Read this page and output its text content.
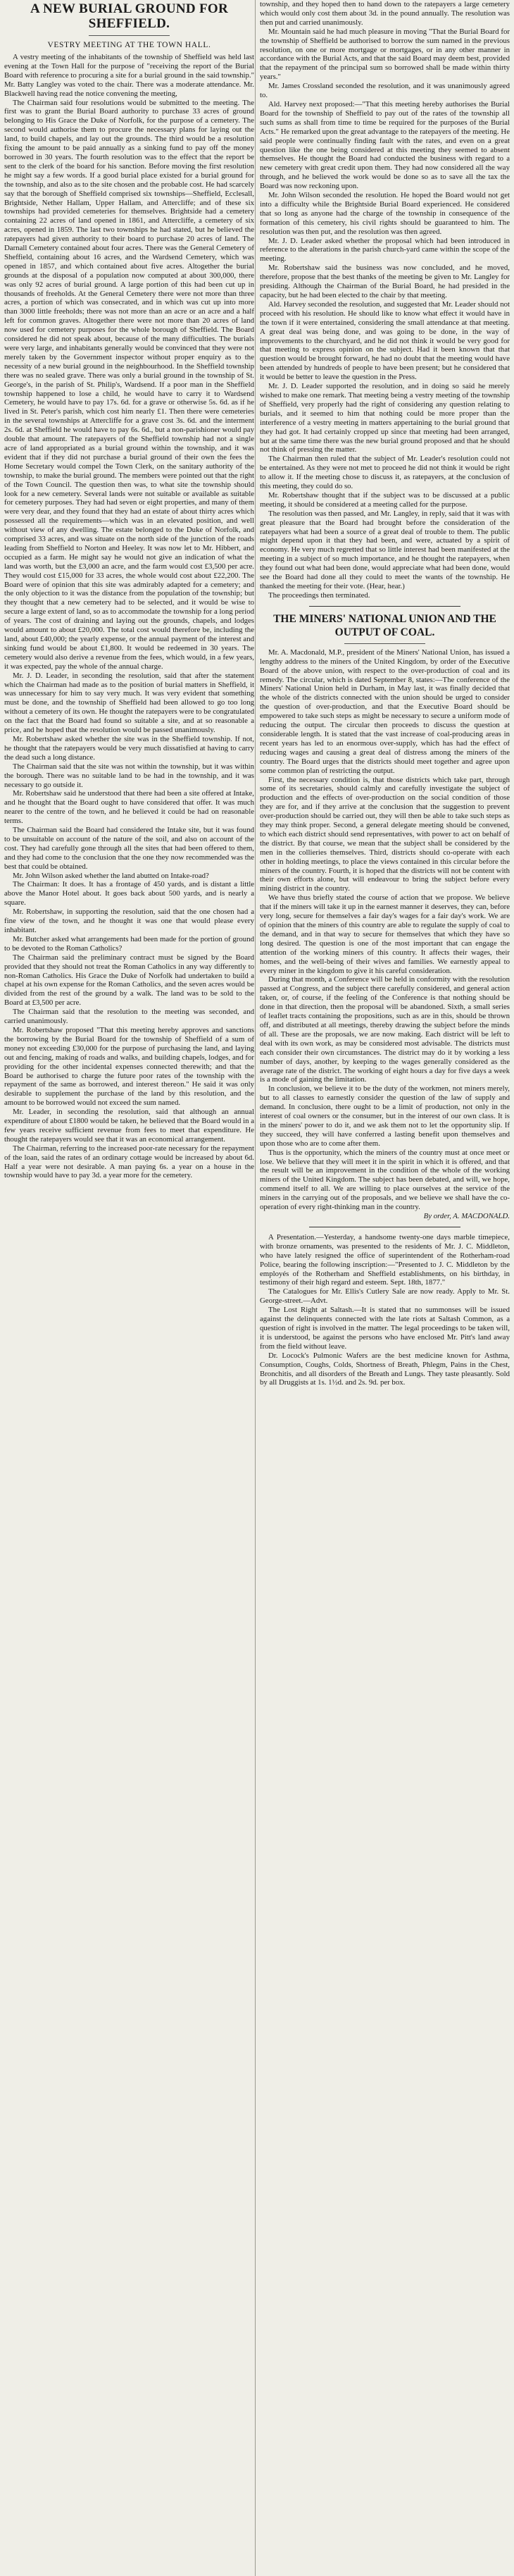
A NEW BURIAL GROUND FOR SHEFFIELD.
VESTRY MEETING AT THE TOWN HALL.

A vestry meeting of the inhabitants of the township of Sheffield was held last evening at the Town Hall for the purpose of "receiving the report of the Burial Board with reference to procuring a site for a burial ground in the said township." Mr. Batty Langley was voted to the chair. There was a moderate attendance. Mr. Blackwell having read the notice convening the meeting,

The Chairman said four resolutions would be submitted to the meeting. The first was to grant the Burial Board authority to purchase 33 acres of ground belonging to His Grace the Duke of Norfolk, for the purpose of a cemetery. The second would authorise them to procure the necessary plans for laying out the land, to build chapels, and lay out the grounds. The third would be a resolution fixing the amount to be paid annually as a sinking fund to pay off the money borrowed in 30 years. The fourth resolution was to the effect that the report be sent to the clerk of the board for his sanction. Before moving the first resolution he might say a few words. If a good burial place existed for a burial ground for the township, and also as to the site chosen and the probable cost. He had scarcely say that the borough of Sheffield comprised six townships—Sheffield, Ecclesall, Brightside, Nether Hallam, Upper Hallam, and Attercliffe; and of these six townships had provided cemeteries for themselves. Brightside had a cemetery containing 22 acres of land opened in 1861, and Attercliffe, a cemetery of six acres, opened in 1859. The last two townships he had stated, but he believed the ratepayers had given authority to their board to purchase 20 acres of land. The Darnall Cemetery contained about four acres. There was the General Cemetery of Sheffield, containing about 16 acres, and the Wardsend Cemetery, which was opened in 1857, and which contained about five acres. Altogether the burial grounds at the disposal of a population now computed at about 300,000, there was only 92 acres of burial ground. A large portion of this had been cut up in thousands of freeholds. At the General Cemetery there were not more than three acres, a portion of which was consecrated, and in which was cut up into more than 3000 little freeholds; there was not more than an acre or an acre and a half left for common graves. Altogether there were not more than 20 acres of land now used for cemetery purposes for the whole borough of Sheffield. The Board considered he did not speak about, because of the many difficulties. The burials were very large, and inhabitants generally would be convinced that they were not merely taken by the Government inspector without proper enquiry as to the necessity of a new burial ground in the neighbourhood. In the Sheffield township there was no sealed grave. There was only a burial ground in the township of St. George's, in the parish of St. Philip's, Wardsend. If a poor man in the Sheffield township happened to lose a child, he would have to carry it to Wardsend Cemetery, he would have to pay 17s. 6d. for a grave or otherwise 5s. 6d. as if he lived in St. Peter's parish, which cost him nearly £1. Then there were cemeteries in the several townships at Attercliffe for a grave cost 3s. 6d. and the interment 2s. 6d. at Sheffield he would have to pay 6s. 6d., but a non-parishioner would pay double that amount. The ratepayers of the Sheffield township had not a single acre of land appropriated as a burial ground within the township, and it was evident that if they did not purchase a burial ground of their own the fees the Home Secretary would compel the Town Clerk, on the sanitary authority of the township, to make the burial ground. The members were pointed out that the right of the Town Council. The question then was, to what site the township should look for a new cemetery. Several lands were not suitable or available as suitable for cemetery purposes. They had had seven or eight properties, and many of them were very dear, and they found that they had an estate of about thirty acres which possessed all the requirements—which was in an elevated position, and well without view of any dwelling. The estate belonged to the Duke of Norfolk, and comprised 33 acres, and was situate on the north side of the junction of the roads leading from Sheffield to Norton and Heeley. It was now let to Mr. Hibbert, and occupied as a farm. He might say he would not give an indication of what the land was worth, but the £3,000 an acre, and the farm would cost £3,500 per acre. They would cost £15,000 for 33 acres, the whole would cost about £22,200. The Board were of opinion that this site was admirably adapted for a cemetery; and the only objection to it was the distance from the population of the township; but they thought that a new cemetery had to be selected, and it would be wise to secure a large extent of land, so as to accommodate the township for a long period of years. The cost of draining and laying out the grounds, chapels, and lodges would amount to about £20,000. The total cost would therefore be, including the land, about £40,000; the yearly expense, or the annual payment of the interest and sinking fund would be about £1,800. It would be redeemed in 30 years. The cemetery would also derive a revenue from the fees, which would, in a few years, it was expected, pay the whole of the annual charge.

Mr. J. D. Leader, in seconding the resolution, said that after the statement which the Chairman had made as to the position of burial matters in Sheffield, it was unnecessary for him to say very much. It was very evident that something must be done, and the township of Sheffield had been allowed to go too long without a cemetery of its own. He thought the ratepayers were to be congratulated on the fact that the Board had found so suitable a site, and at so reasonable a price, and he hoped that the resolution would be passed unanimously.

Mr. Robertshaw asked whether the site was in the Sheffield township. If not, he thought that the ratepayers would be very much dissatisfied at having to carry the dead such a long distance.

The Chairman said that the site was not within the township, but it was within the borough. There was no suitable land to be had in the township, and it was necessary to go outside it.

Mr. Robertshaw said he understood that there had been a site offered at Intake, and he thought that the Board ought to have considered that offer. It was much nearer to the centre of the town, and he believed it could be had on reasonable terms.

The Chairman said the Board had considered the Intake site, but it was found to be unsuitable on account of the nature of the soil, and also on account of the cost. They had carefully gone through all the sites that had been offered to them, and they had come to the conclusion that the one they now recommended was the best that could be obtained.

Mr. John Wilson asked whether the land abutted on Intake-road?

The Chairman: It does. It has a frontage of 450 yards, and is distant a little above the Manor Hotel about. It goes back about 500 yards, and is nearly a square.

Mr. Robertshaw, in supporting the resolution, said that the one chosen had a fine view of the town, and he thought it was one that would please every inhabitant.

Mr. Butcher asked what arrangements had been made for the portion of ground to be devoted to the Roman Catholics?

The Chairman said the preliminary contract must be signed by the Board provided that they should not treat the Roman Catholics in any way differently to non-Roman Catholics. His Grace the Duke of Norfolk had undertaken to build a chapel at his own expense for the Roman Catholics, and the seven acres would be divided from the rest of the ground by a walk. The land was to be sold to the Board at £3,500 per acre.

The Chairman said that the resolution to the meeting was seconded, and carried unanimously.

Mr. Robertshaw proposed "That this meeting hereby approves and sanctions the borrowing by the Burial Board for the township of Sheffield of a sum of money not exceeding £30,000 for the purpose of purchasing the land, and laying out and fencing, making of roads and walks, and building chapels, lodges, and for providing for the other incidental expenses connected therewith; and that the Board be authorised to charge the future poor rates of the township with the repayment of the same as borrowed, and interest thereon." He said it was only desirable to supplement the purchase of the land by this resolution, and the amount to be borrowed would not exceed the sum named.

Mr. Leader, in seconding the resolution, said that although an annual expenditure of about £1800 would be taken, he believed that the Board would in a few years receive sufficient revenue from fees to meet that expenditure. He thought the ratepayers would see that it was an economical arrangement.

The Chairman, referring to the increased poor-rate necessary for the repayment of the loan, said the rates of an ordinary cottage would be increased by about 6d. Half a year were not desirable. A man paying 6s. a year on a house in the township would have to pay 3d. a year more for the cemetery.

township, and they hoped then to hand down to the ratepayers a large cemetery which would only cost them about 3d. in the pound annually. The resolution was then put and carried unanimously.

Mr. Mountain said he had much pleasure in moving "That the Burial Board for the township of Sheffield be authorised to borrow the sum named in the previous resolution, on one or more mortgage or mortgages, or in any other manner in accordance with the Burial Acts, and that the said Board may deem best, provided that the repayment of the principal sum so borrowed shall be made within thirty years."

Mr. James Crossland seconded the resolution, and it was unanimously agreed to.

Ald. Harvey next proposed:—"That this meeting hereby authorises the Burial Board for the township of Sheffield to pay out of the rates of the township all such sums as shall from time to time be required for the purposes of the Burial Acts." He remarked upon the great advantage to the ratepayers of the meeting. He said people were continually finding fault with the rates, and even on a great question like the one being considered at this meeting they seemed to absent themselves. He thought the Board had conducted the business with regard to a new cemetery with great credit upon them. They had now considered all the way through, and he believed the work would be done so as to save all the tax the Board was now reckoning upon.

Mr. John Wilson seconded the resolution. He hoped the Board would not get into a difficulty while the Brightside Burial Board experienced. He considered that so long as anyone had the charge of the township in consequence of the formation of this cemetery, his civil rights should be guaranteed to him. The resolution was then put, and the resolution was then agreed.

Mr. J. D. Leader asked whether the proposal which had been introduced in reference to the alterations in the parish church-yard came within the scope of the meeting.

Mr. Robertshaw said the business was now concluded, and he moved, therefore, propose that the best thanks of the meeting be given to Mr. Langley for presiding. Although the Chairman of the Burial Board, he had presided in the capacity, but he had been elected to the chair by that meeting.

Ald. Harvey seconded the resolution, and suggested that Mr. Leader should not proceed with his resolution. He should like to know what effect it would have in the town if it were entertained, considering the small attendance at that meeting. A great deal was being done, and was going to be done, in the way of improvements to the churchyard, and he did not think it would be very good for that meeting to express opinion on the subject. Had it been known that that question would be brought forward, he had no doubt that the meeting would have been attended by hundreds of people to have been present; but he considered that it would be better to leave the question in the Press.

Mr. J. D. Leader supported the resolution, and in doing so said he merely wished to make one remark. That meeting being a vestry meeting of the township of Sheffield, very properly had the right of considering any question relating to burials, and it seemed to him that nothing could be more proper than the interference of a vestry meeting in matters appertaining to the burial ground that they had got. It had certainly cropped up since that meeting had been arranged, but at the same time there was the new burial ground proposed and that he should not think of pressing the matter.

The Chairman then ruled that the subject of Mr. Leader's resolution could not be entertained. As they were not met to proceed he did not think it would be right to allow it. If the meeting chose to discuss it, as ratepayers, at the conclusion of this meeting, they could do so.

Mr. Robertshaw thought that if the subject was to be discussed at a public meeting, it should be considered at a meeting called for the purpose.

The resolution was then passed, and Mr. Langley, in reply, said that it was with great pleasure that the Board had brought before the consideration of the ratepayers what had been a source of a great deal of trouble to them. The public might depend upon it that they had been, and were, actuated by a spirit of economy. He very much regretted that so little interest had been manifested at the meeting in a subject of so much importance, and he thought the ratepayers, when they found out what had been done, would appreciate what had been done, would see the Board had done all they could to meet the wants of the township. He thanked the meeting for their vote. (Hear, hear.)

The proceedings then terminated.

THE MINERS' NATIONAL UNION AND THE OUTPUT OF COAL.

Mr. A. Macdonald, M.P., president of the Miners' National Union, has issued a lengthy address to the miners of the United Kingdom, by order of the Executive Board of the above union, with respect to the over-production of coal and its remedy. The circular, which is dated September 8, states:—The conference of the Miners' National Union held in Durham, in May last, it was finally decided that the whole of the districts connected with the union should be urged to consider the question of over-production, and that the Executive Board should be empowered to take such steps as might be necessary to secure a uniform mode of reducing the output. The circular then proceeds to discuss the question at considerable length. It is stated that the vast increase of coal-producing areas in recent years has led to an enormous over-supply, which has had the effect of reducing wages and causing a great deal of distress among the miners of the country. The Board urges that the districts should meet together and agree upon some common plan of restricting the output.

First, the necessary condition is, that those districts which take part, through some of its secretaries, should calmly and carefully investigate the subject of production and the effects of over-production on the social condition of those they are for, and if they arrive at the conclusion that the suggestion to prevent over-production should be carried out, they will then be able to take such steps as they may think proper. Second, a general delegate meeting should be convened, to which each district should send representatives, with power to act on behalf of the district. By that course, we mean that the subject shall be considered by the men in the collieries themselves. Third, districts should co-operate with each other in holding meetings, to place the views contained in this circular before the miners of the country. Fourth, it is hoped that the districts will not be content with their own efforts alone, but will endeavour to bring the subject before every mining district in the country.

We have thus briefly stated the course of action that we propose. We believe that if the miners will take it up in the earnest manner it deserves, they can, before very long, secure for themselves a fair day's wages for a fair day's work. We are of opinion that the miners of this country are able to regulate the supply of coal to the demand, and in that way to secure for themselves that which they have so long desired. The question is one of the most important that can engage the attention of the working miners of this country. It affects their wages, their homes, and the well-being of their wives and families. We earnestly appeal to every miner in the kingdom to give it his careful consideration.

During that month, a Conference will be held in conformity with the resolution passed at Congress, and the subject there carefully considered, and general action taken, or, of course, if the feeling of the Conference is that nothing should be done in that direction, then the proposal will be abandoned. Sixth, a small series of leaflet tracts containing the propositions, such as are in this, should be thrown off, and distributed at all meetings, thereby drawing the subject before the minds of all. These are the proposals, we are now making. Each district will be left to deal with its own work, as may be considered most advisable. The districts must each consider their own circumstances. The district may do it by working a less number of days, another, by keeping to the wages generally considered as the average rate of the district. The working of eight hours a day for five days a week is a mode of gaining the limitation.

In conclusion, we believe it to be the duty of the workmen, not miners merely, but to all classes to earnestly consider the question of the law of supply and demand. In conclusion, there ought to be a limit of production, not only in the interest of coal owners or the consumer, but in the interest of our own class. It is in the miners' power to do it, and we ask them not to let the opportunity slip. If they succeed, they will have conferred a lasting benefit upon themselves and upon those who are to come after them.

Thus is the opportunity, which the miners of the country must at once meet or lose. We believe that they will meet it in the spirit in which it is offered, and that the result will be an improvement in the condition of the whole of the working miners of the United Kingdom. The subject has been debated, and will, we hope, commend itself to all. We are willing to place ourselves at the service of the miners in the carrying out of the proposals, and we believe we shall have the co-operation of every right-thinking man in the country.

By order, A. MACDONALD.

A Presentation.—Yesterday, a handsome twenty-one days marble timepiece, with bronze ornaments, was presented to the residents of Mr. J. C. Middleton, who have lately resigned the office of superintendent of the Rotherham-road Police, bearing the following inscription:—"Presented to J. C. Middleton by the employés of the Rotherham and Sheffield establishments, on his birthday, in testimony of their high regard and esteem. Sept. 18th, 1877."

The Catalogues for Mr. Ellis's Cutlery Sale are now ready. Apply to Mr. St. George-street.—Advt.

The Lost Right at Saltash.—It is stated that no summonses will be issued against the delinquents connected with the late riots at Saltash Common, as a question of right is involved in the matter. The legal proceedings to be taken will, it is understood, be against the persons who have enclosed Mr. Pitt's land away from the field without leave.

Dr. Locock's Pulmonic Wafers are the best medicine known for Asthma, Consumption, Coughs, Colds, Shortness of Breath, Phlegm, Pains in the Chest, Bronchitis, and all disorders of the Breath and Lungs. They taste pleasantly. Sold by all Druggists at 1s. 1½d. and 2s. 9d. per box.
